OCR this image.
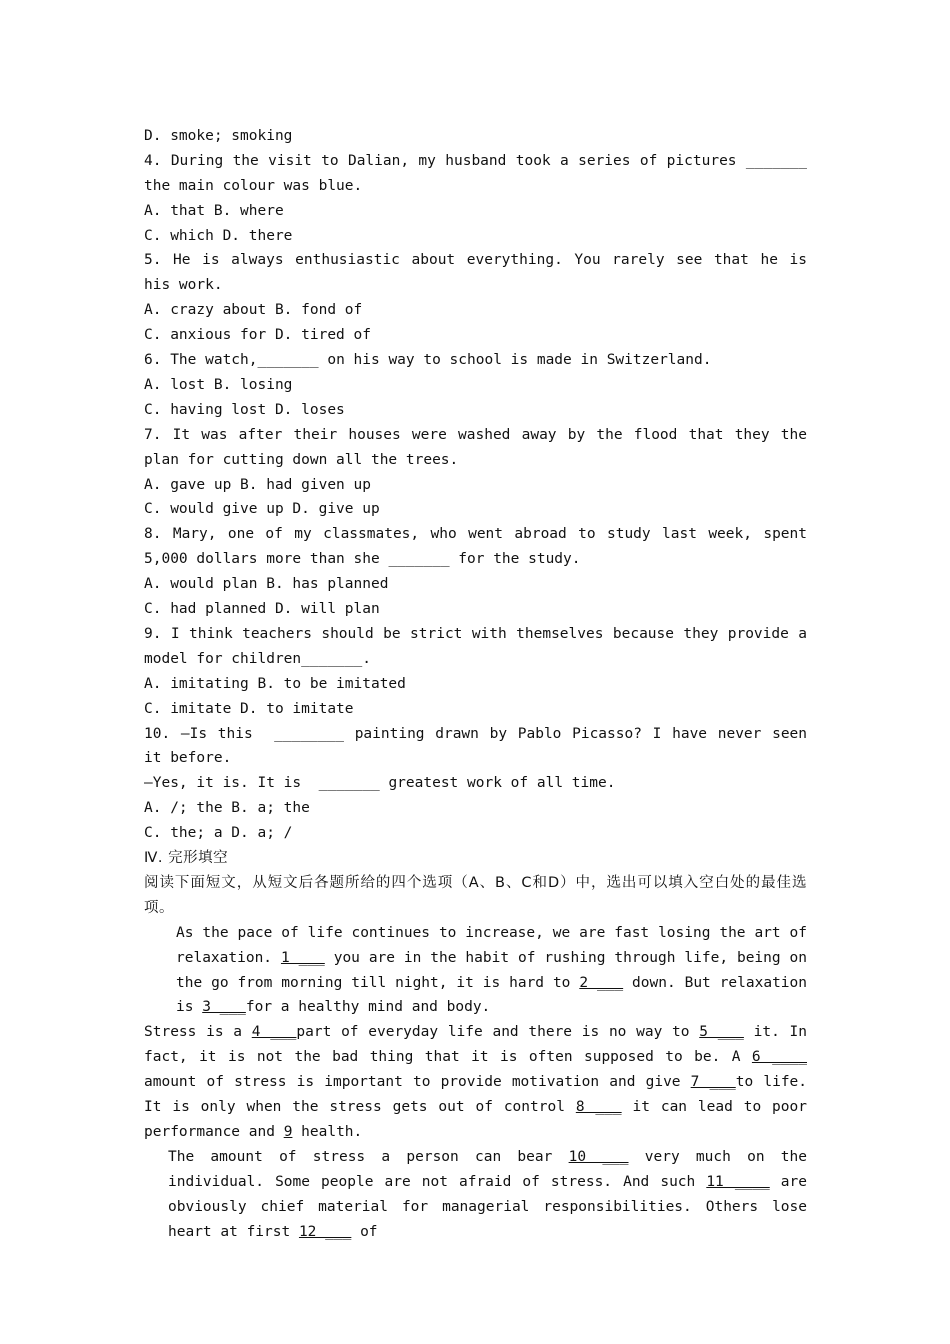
D. smoke; smoking
4. During the visit to Dalian, my husband took a series of pictures _______ the main colour was blue.
A. that B. where
C. which D. there
5. He is always enthusiastic about everything. You rarely see that he is his work.
A. crazy about B. fond of
C. anxious for D. tired of
6. The watch,_______ on his way to school is made in Switzerland.
A. lost B. losing
C. having lost D. loses
7. It was after their houses were washed away by the flood that they the plan for cutting down all the trees.
A. gave up B. had given up
C. would give up D. give up
8. Mary, one of my classmates, who went abroad to study last week, spent 5,000 dollars more than she _______ for the study.
A. would plan B. has planned
C. had planned D. will plan
9. I think teachers should be strict with themselves because they provide a model for children_______.
A. imitating B. to be imitated
C. imitate D. to imitate
10. —Is this  ________ painting drawn by Pablo Picasso? I have never seen it before.
—Yes, it is. It is  _______ greatest work of all time.
A. /; the B. a; the
C. the; a D. a; /
Ⅳ. 完形填空
阅读下面短文，从短文后各题所给的四个选项（A、B、C和D）中，选出可以填入空白处的最佳选项。
As the pace of life continues to increase, we are fast losing the art of relaxation. 1 ___ you are in the habit of rushing through life, being on the go from morning till night, it is hard to 2 ___ down. But relaxation is 3 ___for a healthy mind and body.
Stress is a 4 ___part of everyday life and there is no way to 5 ___ it. In fact, it is not the bad thing that it is often supposed to be. A 6 ____ amount of stress is important to provide motivation and give 7 ___to life. It is only when the stress gets out of control 8 ___ it can lead to poor performance and 9 health.
The amount of stress a person can bear 10 ___ very much on the individual. Some people are not afraid of stress. And such 11 ____ are obviously chief material for managerial responsibilities. Others lose heart at first 12 ___ of
